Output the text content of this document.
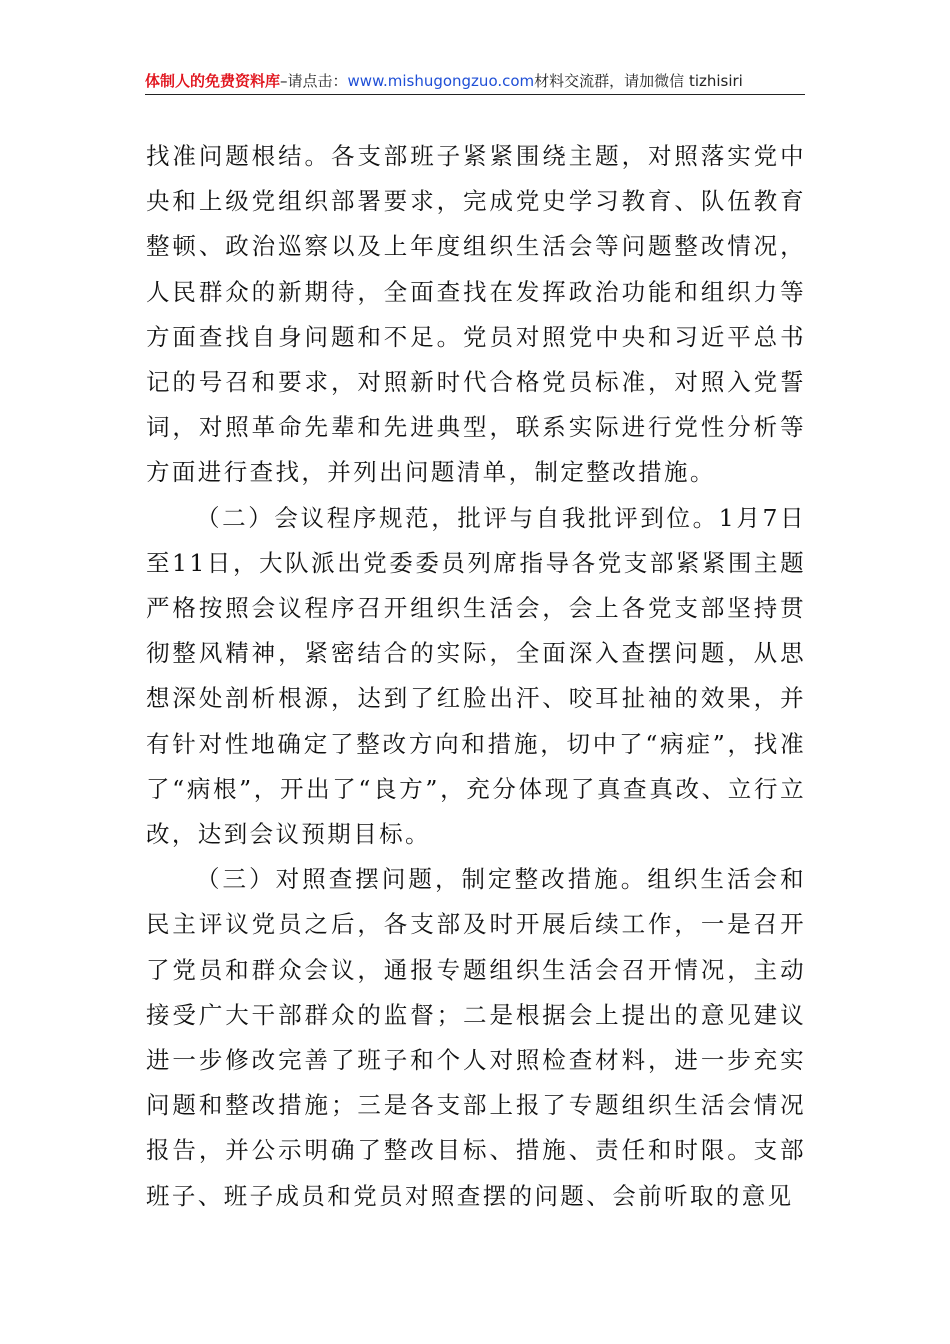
体制人的免费资料库–请点击：www.mishugongzuo.com材料交流群，请加微信 tizhisiri

找准问题根结。各支部班子紧紧围绕主题，对照落实党中央和上级党组织部署要求，完成党史学习教育、队伍教育整顿、政治巡察以及上年度组织生活会等问题整改情况，人民群众的新期待，全面查找在发挥政治功能和组织力等方面查找自身问题和不足。党员对照党中央和习近平总书记的号召和要求，对照新时代合格党员标准，对照入党誓词，对照革命先辈和先进典型，联系实际进行党性分析等方面进行查找，并列出问题清单，制定整改措施。

（二）会议程序规范，批评与自我批评到位。1月7日至11日，大队派出党委委员列席指导各党支部紧紧围主题严格按照会议程序召开组织生活会，会上各党支部坚持贯彻整风精神，紧密结合的实际，全面深入查摆问题，从思想深处剖析根源，达到了红脸出汗、咬耳扯袖的效果，并有针对性地确定了整改方向和措施，切中了“病症”，找准了“病根”，开出了“良方”，充分体现了真查真改、立行立改，达到会议预期目标。

（三）对照查摆问题，制定整改措施。组织生活会和民主评议党员之后，各支部及时开展后续工作，一是召开了党员和群众会议，通报专题组织生活会召开情况，主动接受广大干部群众的监督；二是根据会上提出的意见建议进一步修改完善了班子和个人对照检查材料，进一步充实问题和整改措施；三是各支部上报了专题组织生活会情况报告，并公示明确了整改目标、措施、责任和时限。支部班子、班子成员和党员对照查摆的问题、会前听取的意见
